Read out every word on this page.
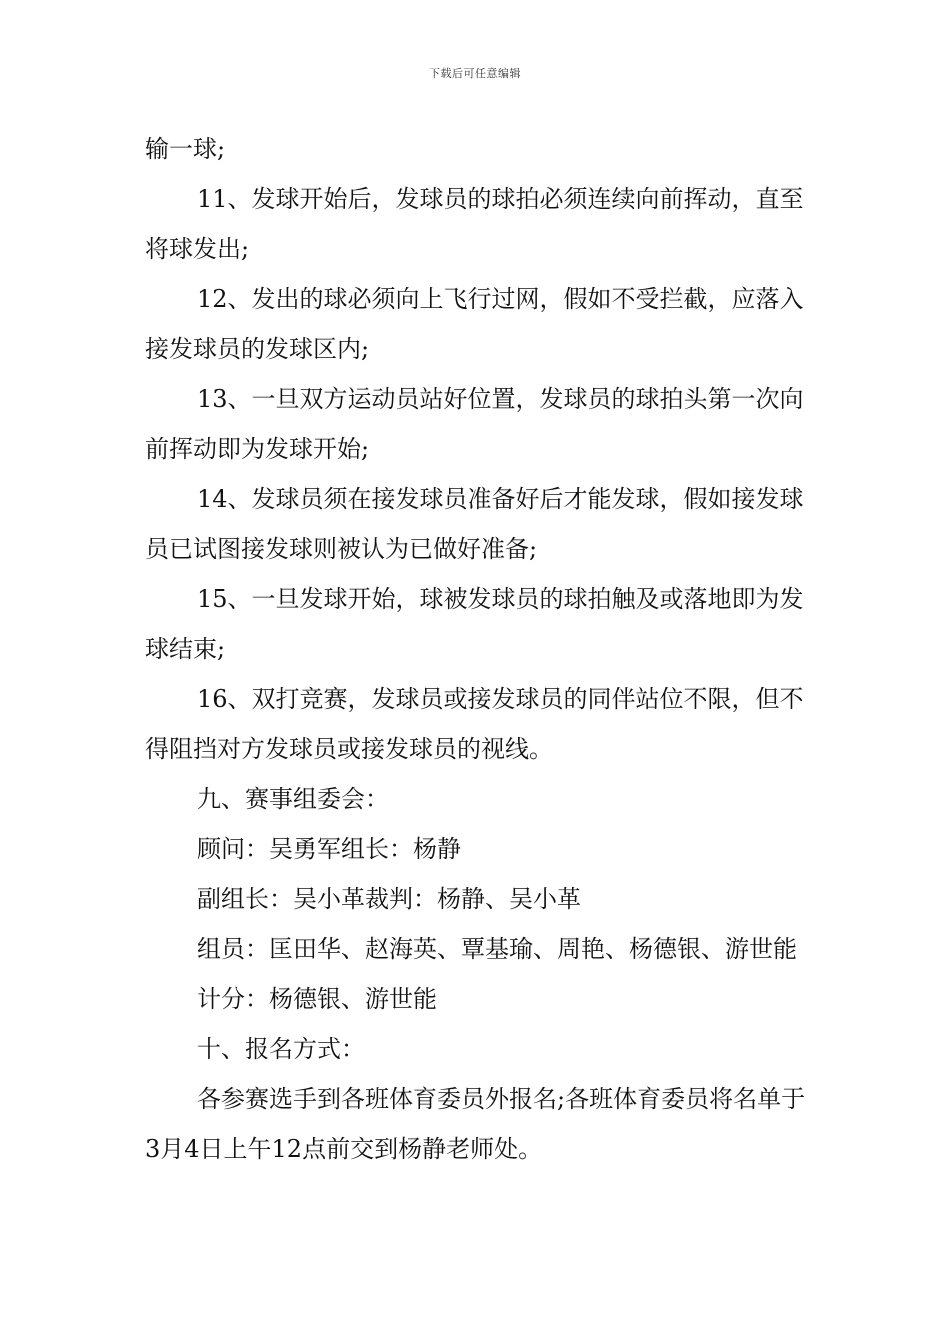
下载后可任意编辑

输一球;

11、发球开始后，发球员的球拍必须连续向前挥动，直至将球发出;

12、发出的球必须向上飞行过网，假如不受拦截，应落入接发球员的发球区内;

13、一旦双方运动员站好位置，发球员的球拍头第一次向前挥动即为发球开始;

14、发球员须在接发球员准备好后才能发球，假如接发球员已试图接发球则被认为已做好准备;

15、一旦发球开始，球被发球员的球拍触及或落地即为发球结束;

16、双打竞赛，发球员或接发球员的同伴站位不限，但不得阻挡对方发球员或接发球员的视线。

九、赛事组委会：

顾问：吴勇军组长：杨静

副组长：吴小革裁判：杨静、吴小革

组员：匡田华、赵海英、覃基瑜、周艳、杨德银、游世能

计分：杨德银、游世能

十、报名方式：

各参赛选手到各班体育委员外报名;各班体育委员将名单于3月4日上午12点前交到杨静老师处。
